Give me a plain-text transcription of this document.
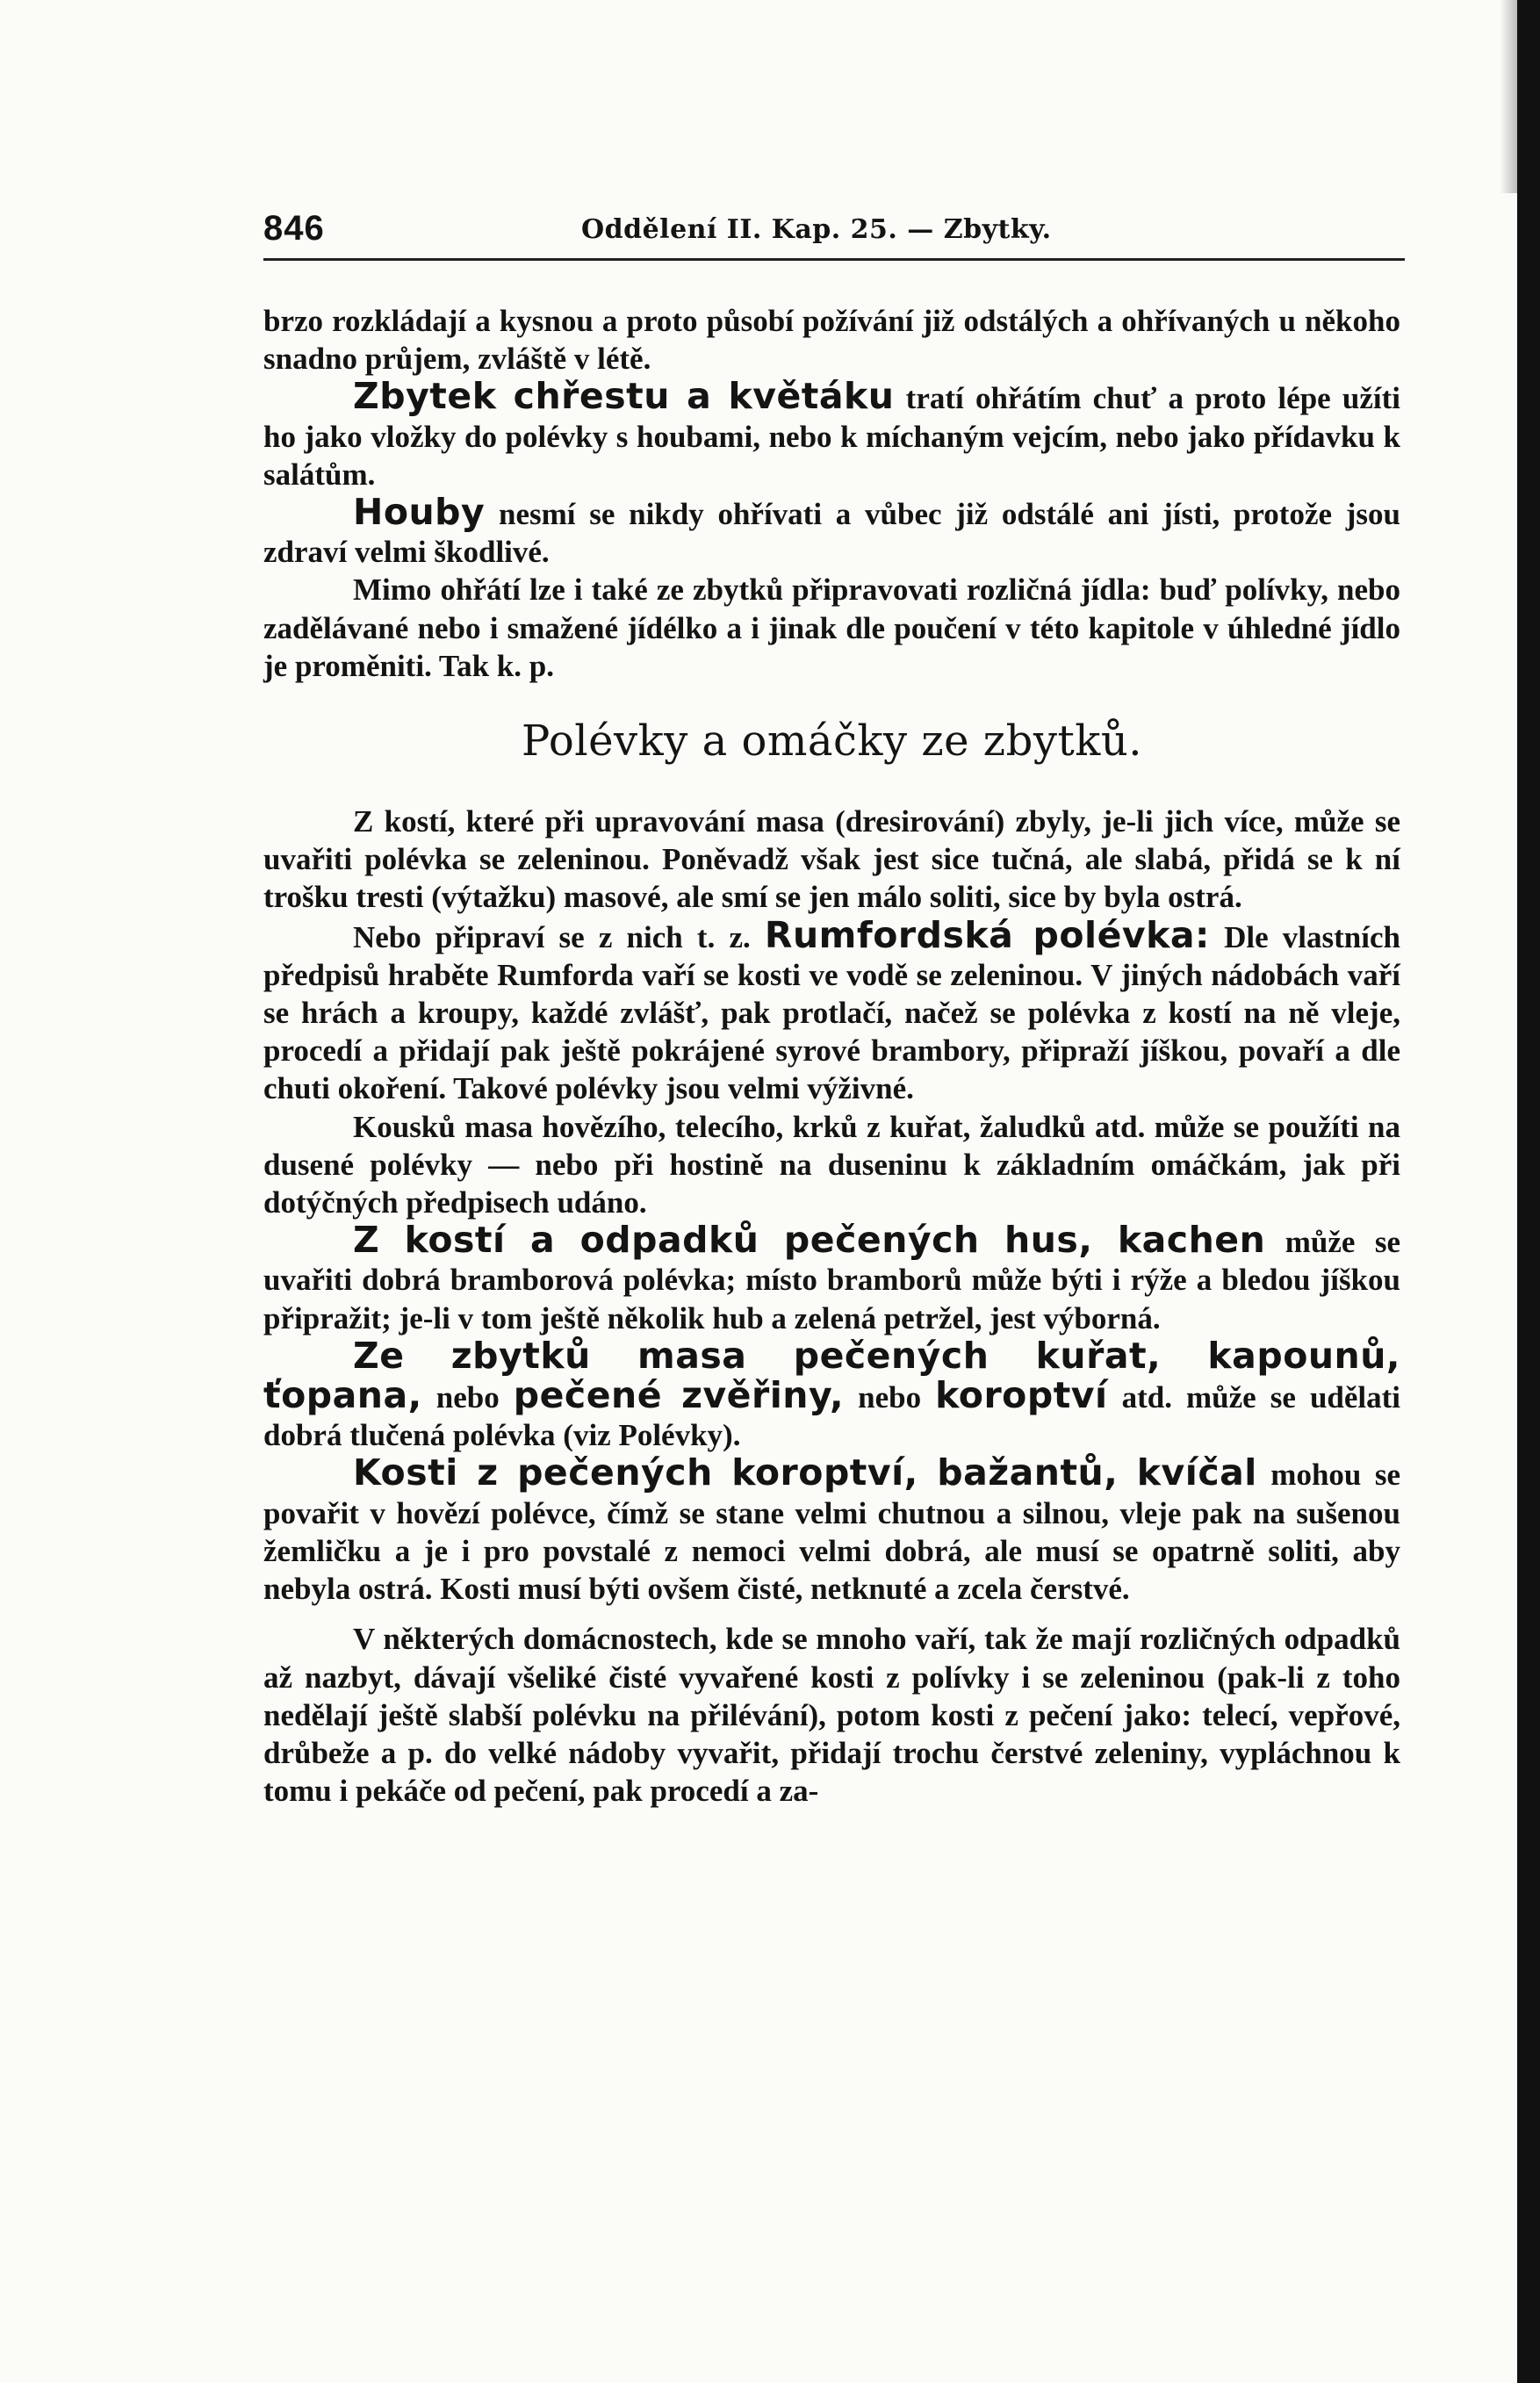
846	Oddělení II. Kap. 25. — Zbytky.

brzo rozkládají a kysnou a proto působí požívání již odstálých a ohřívaných u někoho snadno průjem, zvláště v létě.

Zbytek chřestu a květáku tratí ohřátím chuť a proto lépe užíti ho jako vložky do polévky s houbami, nebo k míchaným vejcím, nebo jako přídavku k salátům.

Houby nesmí se nikdy ohřívati a vůbec již odstálé ani jísti, protože jsou zdraví velmi škodlivé.

Mimo ohřátí lze i také ze zbytků připravovati rozličná jídla: buď polívky, nebo zadělávané nebo i smažené jídélko a i jinak dle poučení v této kapitole v úhledné jídlo je proměniti. Tak k. p.

Polévky a omáčky ze zbytků.

Z kostí, které při upravování masa (dresirování) zbyly, je-li jich více, může se uvařiti polévka se zeleninou. Poněvadž však jest sice tučná, ale slabá, přidá se k ní trošku tresti (výtažku) masové, ale smí se jen málo soliti, sice by byla ostrá.

Nebo připraví se z nich t. z. Rumfordská polévka: Dle vlastních předpisů hraběte Rumforda vaří se kosti ve vodě se zeleninou. V jiných nádobách vaří se hrách a kroupy, každé zvlášť, pak protlačí, načež se polévka z kostí na ně vleje, procedí a přidají pak ještě pokrájené syrové brambory, připraží jíškou, povaří a dle chuti okoření. Takové polévky jsou velmi výživné.

Kousků masa hovězího, telecího, krků z kuřat, žaludků atd. může se použíti na dusené polévky — nebo při hostině na duseninu k základním omáčkám, jak při dotýčných předpisech udáno.

Z kostí a odpadků pečených hus, kachen může se uvařiti dobrá bramborová polévka; místo bramborů může býti i rýže a bledou jíškou připražit; je-li v tom ještě několik hub a zelená petržel, jest výborná.

Ze zbytků masa pečených kuřat, kapounů, ťopana, nebo pečené zvěřiny, nebo koroptví atd. může se udělati dobrá tlučená polévka (viz Polévky).

Kosti z pečených koroptví, bažantů, kvíčal mohou se povařit v hovězí polévce, čímž se stane velmi chutnou a silnou, vleje pak na sušenou žemličku a je i pro povstalé z nemoci velmi dobrá, ale musí se opatrně soliti, aby nebyla ostrá. Kosti musí býti ovšem čisté, netknuté a zcela čerstvé.

V některých domácnostech, kde se mnoho vaří, tak že mají rozličných odpadků až nazbyt, dávají všeliké čisté vyvařené kosti z polívky i se zeleninou (pak-li z toho nedělají ještě slabší polévku na přilévání), potom kosti z pečení jako: telecí, vepřové, drůbeže a p. do velké nádoby vyvařit, přidají trochu čerstvé zeleniny, vypláchnou k tomu i pekáče od pečení, pak procedí a za-
